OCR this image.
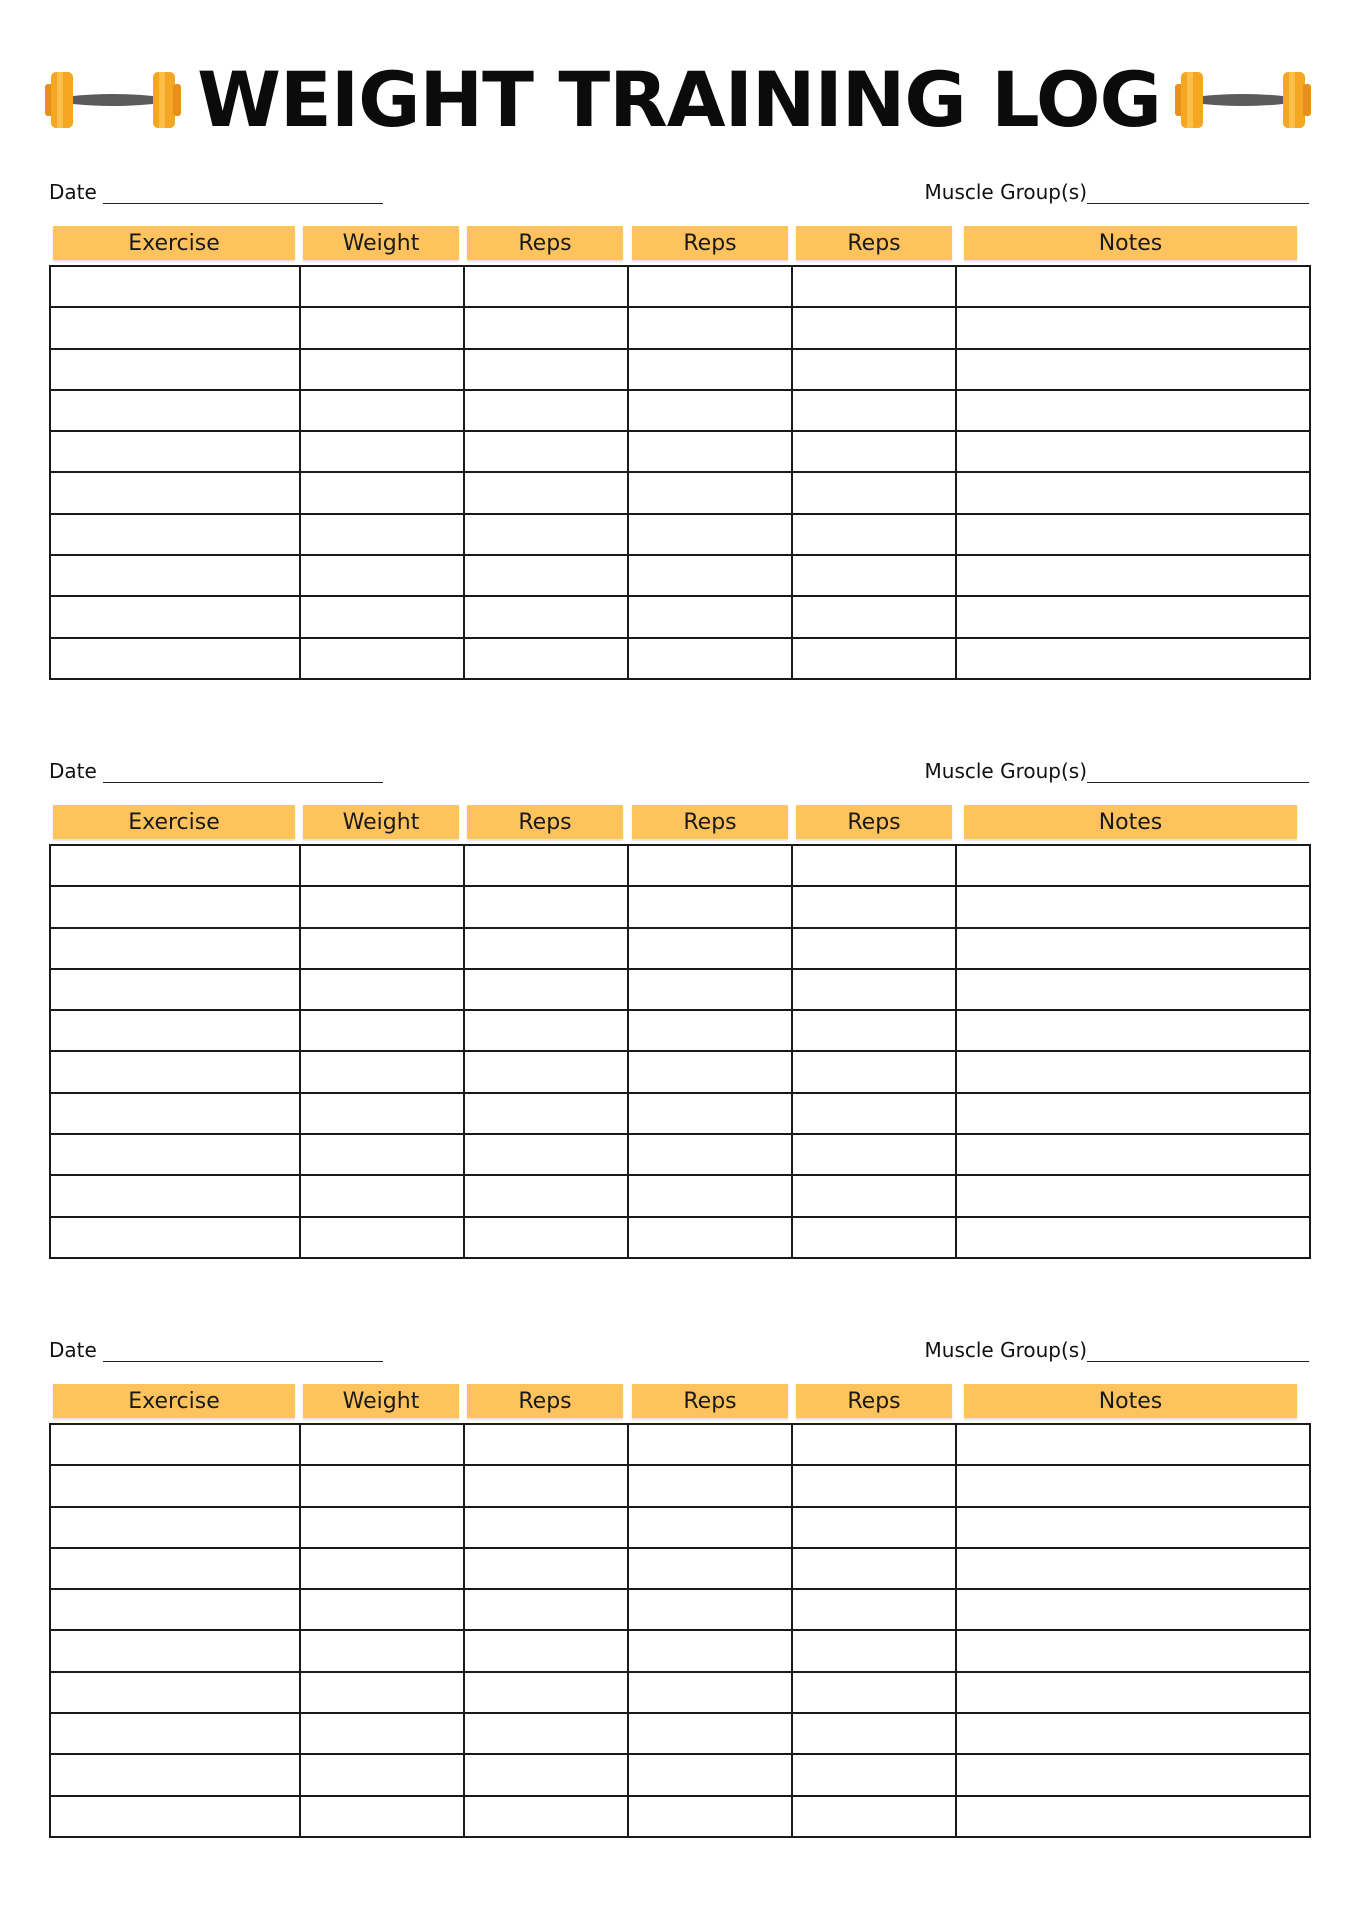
WEIGHT TRAINING LOG
Date	Muscle Group(s)
Exercise	Weight	Reps	Reps	Reps	Notes

Date	Muscle Group(s)
Exercise	Weight	Reps	Reps	Reps	Notes

Date	Muscle Group(s)
Exercise	Weight	Reps	Reps	Reps	Notes
